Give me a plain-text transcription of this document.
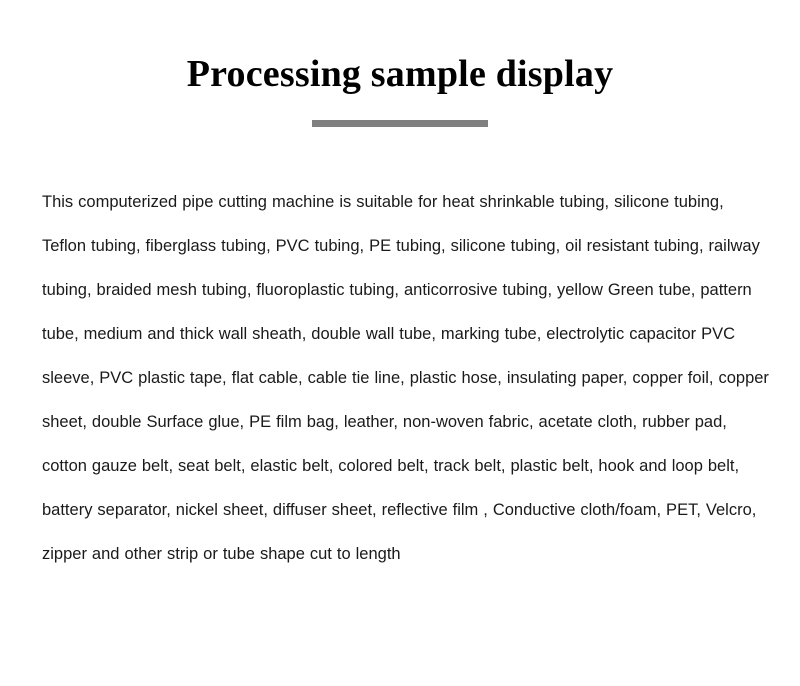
Processing sample display

This computerized pipe cutting machine is suitable for heat shrinkable tubing, silicone tubing, Teflon tubing, fiberglass tubing, PVC tubing, PE tubing, silicone tubing, oil resistant tubing, railway tubing, braided mesh tubing, fluoroplastic tubing, anticorrosive tubing, yellow Green tube, pattern tube, medium and thick wall sheath, double wall tube, marking tube, electrolytic capacitor PVC sleeve, PVC plastic tape, flat cable, cable tie line, plastic hose, insulating paper, copper foil, copper sheet, double Surface glue, PE film bag, leather, non-woven fabric, acetate cloth, rubber pad, cotton gauze belt, seat belt, elastic belt, colored belt, track belt, plastic belt, hook and loop belt, battery separator, nickel sheet, diffuser sheet, reflective film , Conductive cloth/foam, PET, Velcro, zipper and other strip or tube shape cut to length
